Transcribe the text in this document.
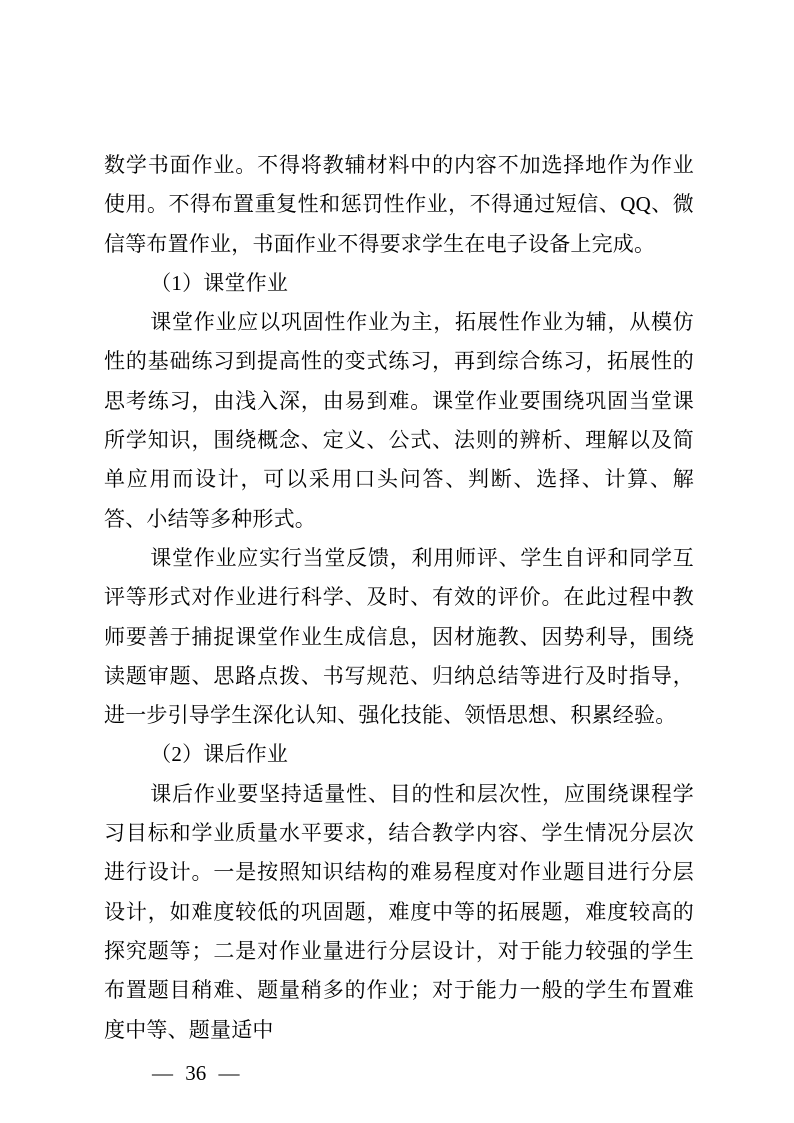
数学书面作业。不得将教辅材料中的内容不加选择地作为作业使用。不得布置重复性和惩罚性作业，不得通过短信、QQ、微信等布置作业，书面作业不得要求学生在电子设备上完成。

（1）课堂作业

课堂作业应以巩固性作业为主，拓展性作业为辅，从模仿性的基础练习到提高性的变式练习，再到综合练习，拓展性的思考练习，由浅入深，由易到难。课堂作业要围绕巩固当堂课所学知识，围绕概念、定义、公式、法则的辨析、理解以及简单应用而设计，可以采用口头问答、判断、选择、计算、解答、小结等多种形式。

课堂作业应实行当堂反馈，利用师评、学生自评和同学互评等形式对作业进行科学、及时、有效的评价。在此过程中教师要善于捕捉课堂作业生成信息，因材施教、因势利导，围绕读题审题、思路点拨、书写规范、归纳总结等进行及时指导，进一步引导学生深化认知、强化技能、领悟思想、积累经验。

（2）课后作业

课后作业要坚持适量性、目的性和层次性，应围绕课程学习目标和学业质量水平要求，结合教学内容、学生情况分层次进行设计。一是按照知识结构的难易程度对作业题目进行分层设计，如难度较低的巩固题，难度中等的拓展题，难度较高的探究题等；二是对作业量进行分层设计，对于能力较强的学生布置题目稍难、题量稍多的作业；对于能力一般的学生布置难度中等、题量适中

— 36 —
